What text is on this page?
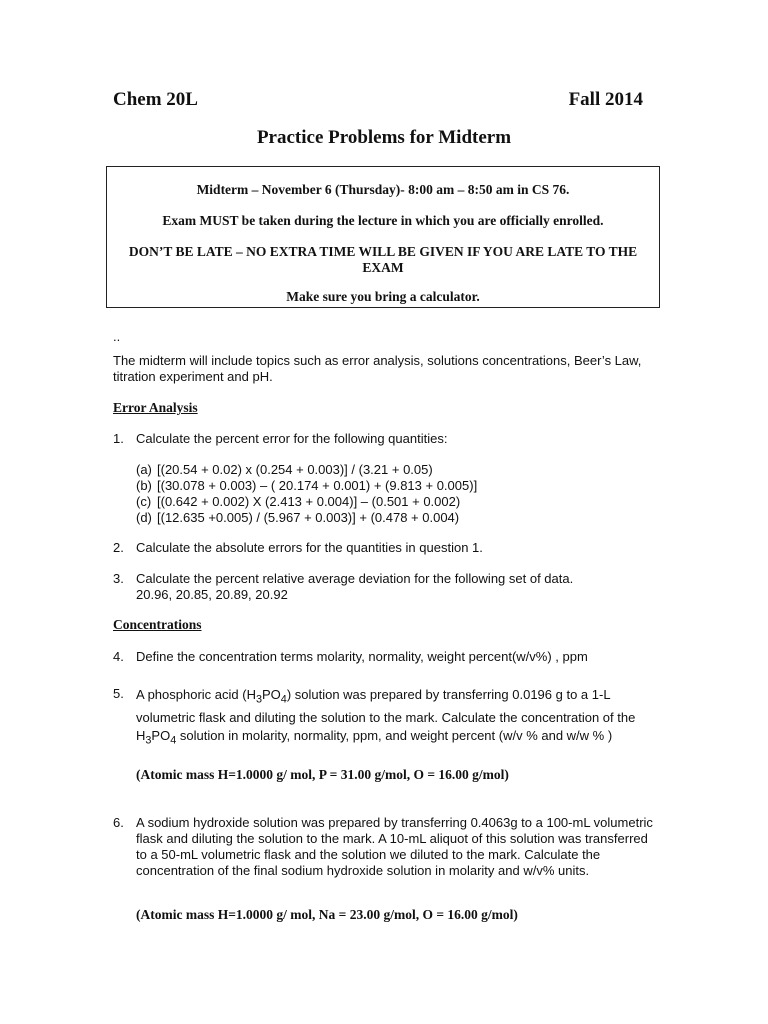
Chem 20L	Fall 2014
Practice Problems for Midterm

Midterm – November 6 (Thursday)- 8:00 am – 8:50 am in CS 76.

Exam MUST be taken during the lecture in which you are officially enrolled.

DON’T BE LATE – NO EXTRA TIME WILL BE GIVEN IF YOU ARE LATE TO THE EXAM

Make sure you bring a calculator.

..

The midterm will include topics such as error analysis, solutions concentrations, Beer’s Law, titration experiment and pH.

Error Analysis
1. Calculate the percent error for the following quantities:

(a) [(20.54 + 0.02) x (0.254 + 0.003)] / (3.21 + 0.05)
(b) [(30.078 + 0.003) – ( 20.174 + 0.001) + (9.813 + 0.005)]
(c) [(0.642 + 0.002) X (2.413 + 0.004)] – (0.501 + 0.002)
(d) [(12.635 +0.005) / (5.967 + 0.003)] + (0.478 + 0.004)
2. Calculate the absolute errors for the quantities in question 1.

3. Calculate the percent relative average deviation for the following set of data.

20.96, 20.85, 20.89, 20.92

Concentrations
4. Define the concentration terms molarity, normality, weight percent(w/v%) , ppm

5. A phosphoric acid $(H_3PO_4)$ solution was prepared by transferring 0.0196 g to a 1-L volumetric flask and diluting the solution to the mark. Calculate the concentration of the $H_3PO_4$ solution in molarity, normality, ppm, and weight percent (w/v % and w/w % )

(Atomic mass H=1.0000 g/ mol, P = 31.00 g/mol, O = 16.00 g/mol)
6. A sodium hydroxide solution was prepared by transferring 0.4063g to a 100-mL volumetric flask and diluting the solution to the mark. A 10-mL aliquot of this solution was transferred to a 50-mL volumetric flask and the solution we diluted to the mark. Calculate the concentration of the final sodium hydroxide solution in molarity and w/v% units.

(Atomic mass H=1.0000 g/ mol, Na = 23.00 g/mol, O = 16.00 g/mol)
